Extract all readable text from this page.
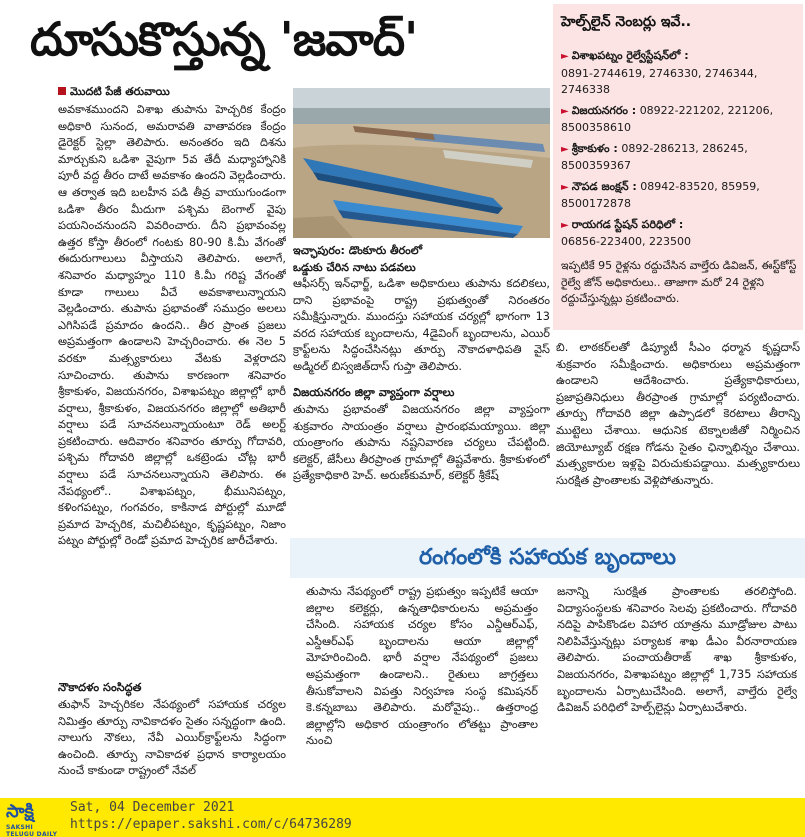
దూసుకొస్తున్న 'జవాద్'
మొదటి పేజీ తరువాయి

అవకాశముందని విశాఖ తుపాను హెచ్చరిక కేంద్రం అధికారి సునంద, అమరావతి వాతావరణ కేంద్రం డైరెక్టర్ స్టెల్లా తెలిపారు. అనంతరం ఇది దిశను మార్చుకుని ఒడిశా వైపుగా 5వ తేదీ మధ్యాహ్నానికి పూరీ వద్ద తీరం దాటే అవకాశం ఉందని వెల్లడించారు. ఆ తర్వాత ఇది బలహీన పడి తీవ్ర వాయుగుండంగా ఒడిశా తీరం మీదుగా పశ్చిమ బెంగాల్ వైపు పయనించనుందని వివరించారు. దీని ప్రభావంవల్ల ఉత్తర కోస్తా తీరంలో గంటకు 80-90 కి.మీ వేగంతో ఈదురుగాలులు వీస్తాయని తెలిపారు. అలాగే, శనివారం మధ్యాహ్నం 110 కి.మీ గరిష్ట వేగంతో కూడా గాలులు వీచే అవకాశాలున్నాయని వెల్లడించారు. తుపాను ప్రభావంతో సముద్రం అలలు ఎగిసిపడే ప్రమాదం ఉందని.. తీర ప్రాంత ప్రజలు అప్రమత్తంగా ఉండాలని హెచ్చరించారు. ఈ నెల 5 వరకూ మత్స్యకారులు వేటకు వెళ్లరాదని సూచించారు. తుపాను కారణంగా శనివారం శ్రీకాకుళం, విజయనగరం, విశాఖపట్నం జిల్లాల్లో భారీ వర్షాలు, శ్రీకాకుళం, విజయనగరం జిల్లాల్లో అతిభారీ వర్షాలు పడే సూచనలున్నాయంటూ రెడ్ అలర్ట్ ప్రకటించారు. ఆదివారం శనివారం తూర్పు గోదావరి, పశ్చిమ గోదావరి జిల్లాల్లో ఒకట్రెండు చోట్ల భారీ వర్షాలు పడే సూచనలున్నాయని తెలిపారు. ఈ నేపథ్యంలో.. విశాఖపట్నం, భీమునిపట్నం, కళింగపట్నం, గంగవరం, కాకినాడ పోర్టుల్లో మూడో ప్రమాద హెచ్చరిక, మచిలీపట్నం, కృష్ణపట్నం, నిజాం పట్నం పోర్టుల్లో రెండో ప్రమాద హెచ్చరిక జారీచేశారు.

నౌకాదళం సంసిద్ధత
తుఫాన్ హెచ్చరికల నేపథ్యంలో సహాయక చర్యల నిమిత్తం తూర్పు నావికాదళం సైతం సన్నద్ధంగా ఉంది. నాలుగు నౌకలు, నేవీ ఎయిర్‌క్రాఫ్ట్‌లను సిద్ధంగా ఉంచింది. తూర్పు నావికాదళ ప్రధాన కార్యాలయం నుంచే కాకుండా రాష్ట్రంలో నేవల్
ఇచ్ఛాపురం: డొంకూరు తీరంలో
ఒడ్డుకు చేరిన నాటు పడవలు
ఆఫీసర్స్ ఇన్‌ఛార్జ్, ఒడిశా అధికారులు తుపాను కదలికలు, దాని ప్రభావంపై రాష్ట్ర ప్రభుత్వంతో నిరంతరం సమీక్షిస్తున్నారు. ముందస్తు సహాయక చర్యల్లో భాగంగా 13 వరద సహాయక బృందాలను, 4డైవింగ్ బృందాలను, ఎయిర్ క్రాఫ్ట్‌లను సిద్ధంచేసినట్లు తూర్పు నౌకాదళాధిపతి వైస్ అడ్మిరల్ బిస్వజిత్‌దాస్ గుప్తా తెలిపారు.
విజయనగరం జిల్లా వ్యాప్తంగా వర్షాలు
తుపాను ప్రభావంతో విజయనగరం జిల్లా వ్యాప్తంగా శుక్రవారం సాయంత్రం వర్షాలు ప్రారంభమయ్యాయి. జిల్లా యంత్రాంగం తుపాను నష్టనివారణ చర్యలు చేపట్టింది. కలెక్టర్, జేసీలు తీరప్రాంత గ్రామాల్లో తిష్టవేశారు. శ్రీకాకుళంలో ప్రత్యేకాధికారి హెచ్. అరుణ్‌కుమార్, కలెక్టర్ శ్రీకేష్
హెల్ప్‌లైన్ నెంబర్లు ఇవే..
► విశాఖపట్నం రైల్వేస్టేషన్‌లో :
0891-2744619, 2746330, 2746344, 2746338
► విజయనగరం : 08922-221202, 221206, 8500358610
► శ్రీకాకుళం : 0892-286213, 286245, 8500359367
► నౌపడ జంక్షన్ : 08942-83520, 85959, 8500172878
► రాయగడ స్టేషన్ పరిధిలో :
06856-223400, 223500
ఇప్పటికే 95 రైళ్లను రద్దుచేసిన వాల్తేరు డివిజన్, ఈస్ట్‌కోస్ట్ రైల్వే జోన్ అధికారులు.. తాజాగా మరో 24 రైళ్లని రద్దుచేస్తున్నట్లు ప్రకటించారు.
బి. లాఠకర్‌లతో డిప్యూటీ సీఎం ధర్మాన కృష్ణదాస్ శుక్రవారం సమీక్షించారు. అధికారులు అప్రమత్తంగా ఉండాలని ఆదేశించారు. ప్రత్యేకాధికారులు, ప్రజాప్రతినిధులు తీరప్రాంత గ్రామాల్లో పర్యటించారు. తూర్పు గోదావరి జిల్లా ఉప్పాడలో కెరటాలు తీరాన్ని ముట్టెలు చేశాయి. ఆధునిక టెక్నాలజీతో నిర్మించిన జియోట్యూబ్ రక్షణ గోడను సైతం ఛిన్నాభిన్నం చేశాయి. మత్స్యకారుల ఇళ్లపై విరుచుకుపడ్డాయి. మత్స్యకారులు సురక్షిత ప్రాంతాలకు వెళ్లిపోతున్నారు.
రంగంలోకి సహాయక బృందాలు
తుపాను నేపథ్యంలో రాష్ట్ర ప్రభుత్వం ఇప్పటికే ఆయా జిల్లాల కలెక్టర్లు, ఉన్నతాధికారులను అప్రమత్తం చేసింది. సహాయక చర్యల కోసం ఎన్డీఆర్ఎఫ్, ఎస్డీఆర్ఎఫ్ బృందాలను ఆయా జిల్లాల్లో మోహరించింది. భారీ వర్షాల నేపథ్యంలో ప్రజలు అప్రమత్తంగా ఉండాలని.. రైతులు జాగ్రత్తలు తీసుకోవాలని విపత్తు నిర్వహణ సంస్థ కమిషనర్ కె.కన్నబాబు తెలిపారు. మరోవైపు.. ఉత్తరాంధ్ర జిల్లాల్లోని అధికార యంత్రాంగం లోతట్టు ప్రాంతాల నుంచి
జనాన్ని సురక్షిత ప్రాంతాలకు తరలిస్తోంది. విద్యాసంస్థలకు శనివారం సెలవు ప్రకటించారు. గోదావరి నదిపై పాపికొండల విహార యాత్రను మూడ్రోజుల పాటు నిలిపివేస్తున్నట్లు పర్యాటక శాఖ డీఎం వీరనారాయణ తెలిపారు. పంచాయతీరాజ్ శాఖ శ్రీకాకుళం, విజయనగరం, విశాఖపట్నం జిల్లాల్లో 1,735 సహాయక బృందాలను ఏర్పాటుచేసింది. అలాగే, వాల్తేరు రైల్వే డివిజన్ పరిధిలో హెల్ప్‌లైన్లు ఏర్పాటుచేశారు.
సాక్షి
SAKSHI TELUGU DAILY
Sat, 04 December 2021
https://epaper.sakshi.com/c/64736289
